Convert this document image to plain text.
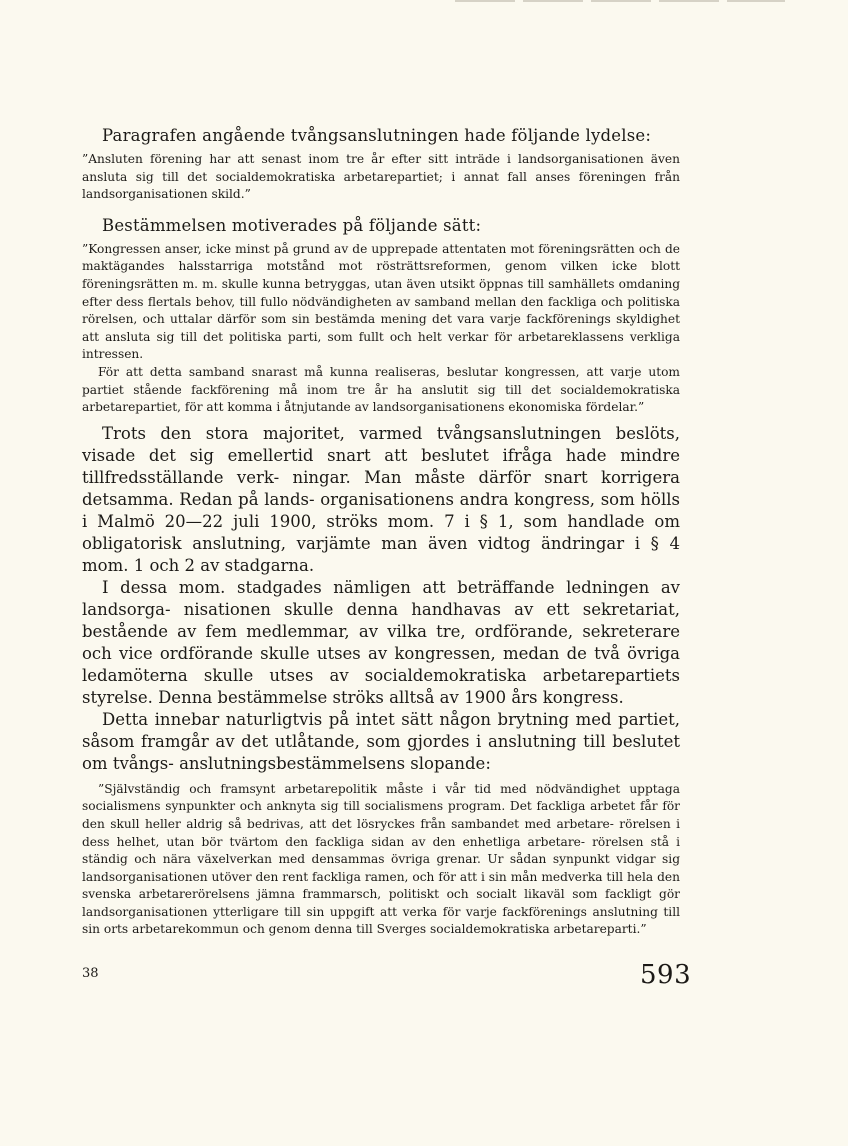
Paragrafen angående tvångsanslutningen hade följande lydelse:

”Ansluten förening har att senast inom tre år efter sitt inträde i landsorganisationen även ansluta sig till det socialdemokratiska arbetarepartiet; i annat fall anses föreningen från landsorganisationen skild.”

Bestämmelsen motiverades på följande sätt:

”Kongressen anser, icke minst på grund av de upprepade attentaten mot föreningsrätten och de maktägandes halsstarriga motstånd mot rösträttsreformen, genom vilken icke blott föreningsrätten m. m. skulle kunna betryggas, utan även utsikt öppnas till samhällets omdaning efter dess flertals behov, till fullo nödvändigheten av samband mellan den fackliga och politiska rörelsen, och uttalar därför som sin bestämda mening det vara varje fackförenings skyldighet att ansluta sig till det politiska parti, som fullt och helt verkar för arbetareklassens verkliga intressen.

För att detta samband snarast må kunna realiseras, beslutar kongressen, att varje utom partiet stående fackförening må inom tre år ha anslutit sig till det socialdemokratiska arbetarepartiet, för att komma i åtnjutande av landsorganisationens ekonomiska fördelar.”

Trots den stora majoritet, varmed tvångsanslutningen beslöts, visade det sig emellertid snart att beslutet ifråga hade mindre tillfredsställande verk- ningar. Man måste därför snart korrigera detsamma. Redan på lands- organisationens andra kongress, som hölls i Malmö 20—22 juli 1900, ströks mom. 7 i § 1, som handlade om obligatorisk anslutning, varjämte man även vidtog ändringar i § 4 mom. 1 och 2 av stadgarna.

I dessa mom. stadgades nämligen att beträffande ledningen av landsorga- nisationen skulle denna handhavas av ett sekretariat, bestående av fem medlemmar, av vilka tre, ordförande, sekreterare och vice ordförande skulle utses av kongressen, medan de två övriga ledamöterna skulle utses av socialdemokratiska arbetarepartiets styrelse. Denna bestämmelse ströks alltså av 1900 års kongress.

Detta innebar naturligtvis på intet sätt någon brytning med partiet, såsom framgår av det utlåtande, som gjordes i anslutning till beslutet om tvångs- anslutningsbestämmelsens slopande:

”Självständig och framsynt arbetarepolitik måste i vår tid med nödvändighet upptaga socialismens synpunkter och anknyta sig till socialismens program. Det fackliga arbetet får för den skull heller aldrig så bedrivas, att det lösryckes från sambandet med arbetare- rörelsen i dess helhet, utan bör tvärtom den fackliga sidan av den enhetliga arbetare- rörelsen stå i ständig och nära växelverkan med densammas övriga grenar. Ur sådan synpunkt vidgar sig landsorganisationen utöver den rent fackliga ramen, och för att i sin mån medverka till hela den svenska arbetarerörelsens jämna frammarsch, politiskt och socialt likaväl som fackligt gör landsorganisationen ytterligare till sin uppgift att verka för varje fackförenings anslutning till sin orts arbetarekommun och genom denna till Sverges socialdemokratiska arbetareparti.”

38	593
